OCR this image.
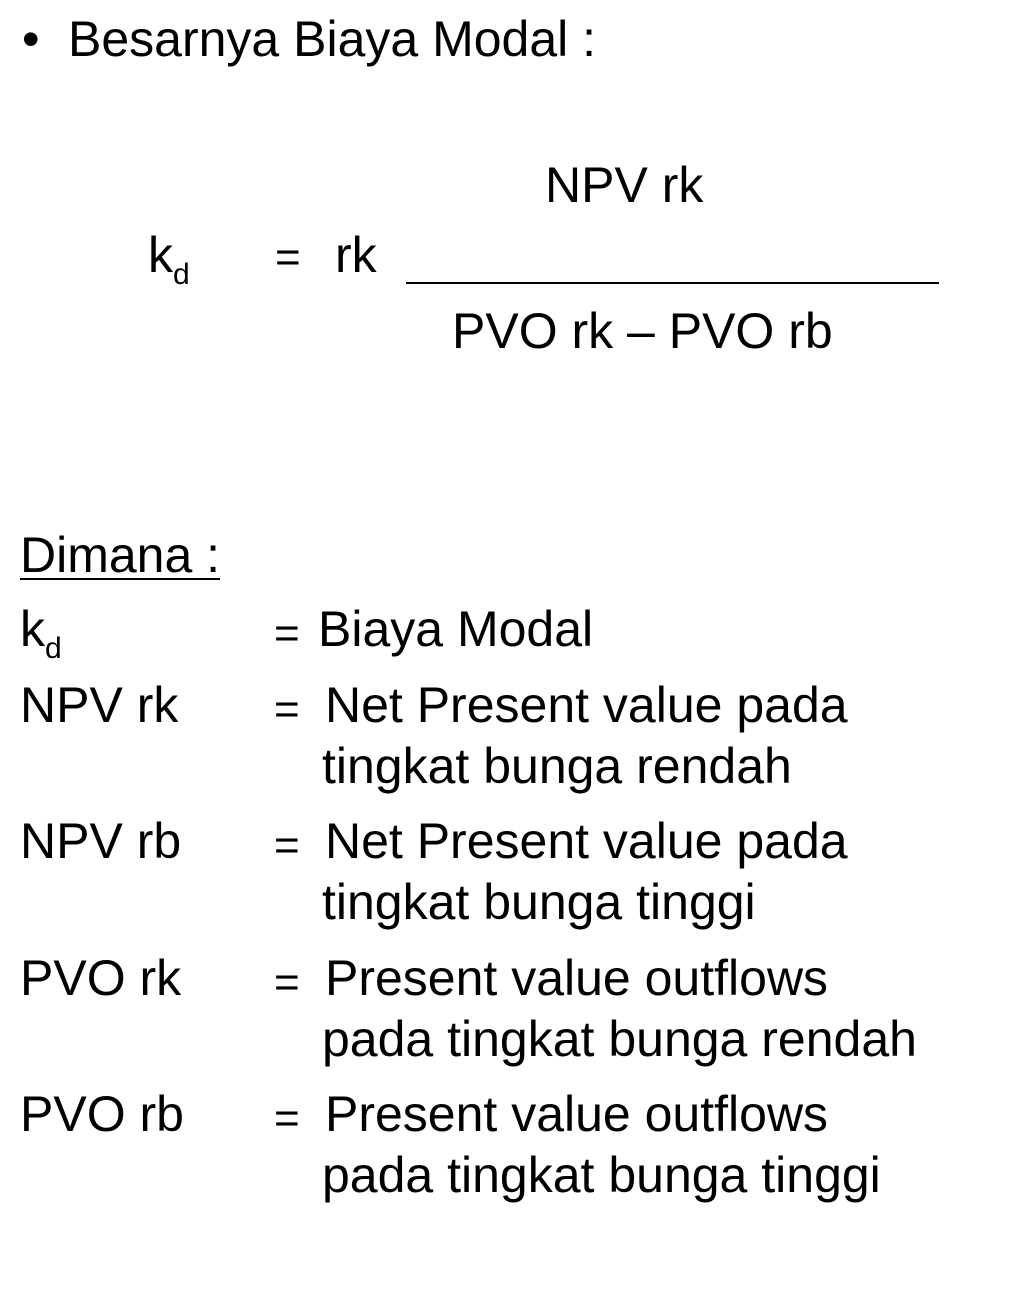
• Besarnya Biaya Modal :
$k_d$ = rk
NPV rk
PVO rk – PVO rb
Dimana :
$k_d$	= Biaya Modal
NPV rk = Net Present value pada
tingkat bunga rendah
NPV rb = Net Present value pada
tingkat bunga tinggi
PVO rk = Present value outflows
pada tingkat bunga rendah
PVO rb = Present value outflows
pada tingkat bunga tinggi
